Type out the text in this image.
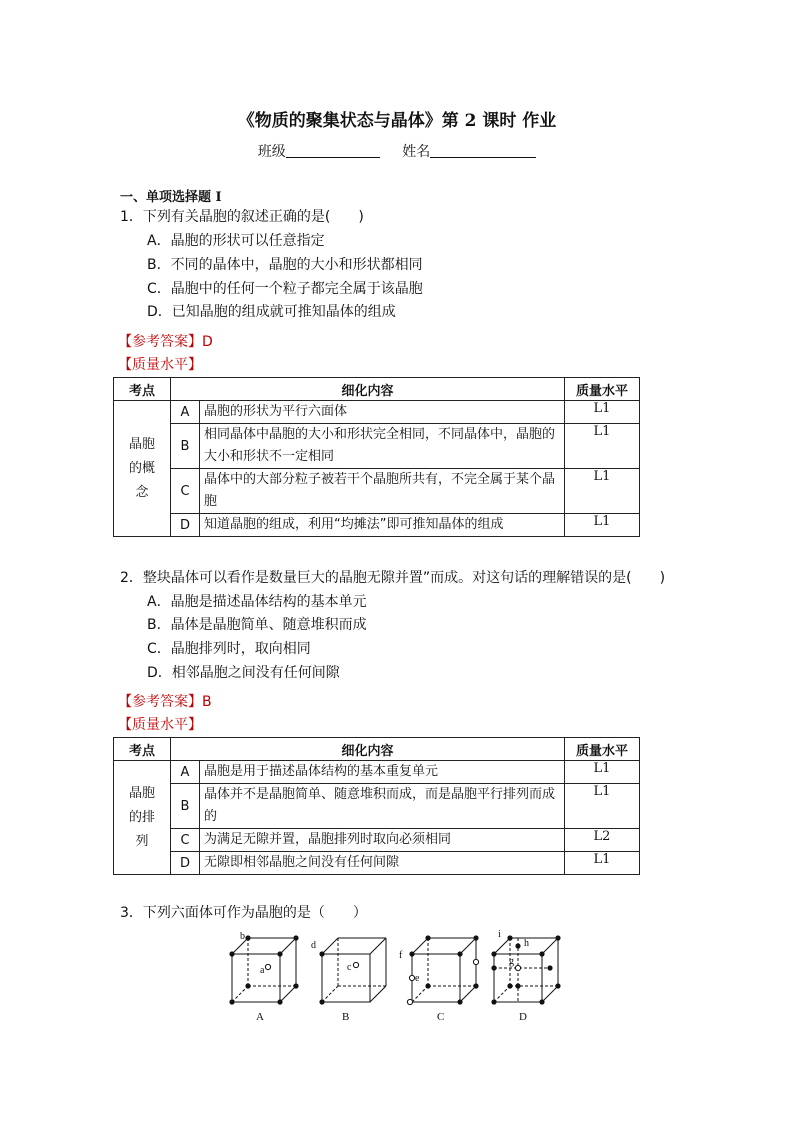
《物质的聚集状态与晶体》第 2 课时 作业
班级	姓名
一、单项选择题 I
1．下列有关晶胞的叙述正确的是(　　)
A．晶胞的形状可以任意指定
B．不同的晶体中，晶胞的大小和形状都相同
C．晶胞中的任何一个粒子都完全属于该晶胞
D．已知晶胞的组成就可推知晶体的组成
【参考答案】D
【质量水平】
考点	细化内容		质量水平

晶胞的概念	A	晶胞的形状为平行六面体	L1
	B	相同晶体中晶胞的大小和形状完全相同，不同晶体中，晶胞的大小和形状不一定相同	L1
	C	晶体中的大部分粒子被若干个晶胞所共有，不完全属于某个晶胞	L1
	D	知道晶胞的组成，利用“均摊法”即可推知晶体的组成	L1
2．整块晶体可以看作是数量巨大的晶胞无隙并置”而成。对这句话的理解错误的是(　　)
A．晶胞是描述晶体结构的基本单元
B．晶体是晶胞简单、随意堆积而成
C．晶胞排列时，取向相同
D．相邻晶胞之间没有任何间隙
【参考答案】B
【质量水平】
考点	细化内容		质量水平

晶胞的排列	A	晶胞是用于描述晶体结构的基本重复单元	L1
	B	晶体并不是晶胞简单、随意堆积而成，而是晶胞平行排列而成的	L1
	C	为满足无隙并置，晶胞排列时取向必须相同	L2
	D	无隙即相邻晶胞之间没有任何间隙	L1
3．下列六面体可作为晶胞的是（　　）
b
a
A
d
c
B
f
e
C
i
h
g
D
